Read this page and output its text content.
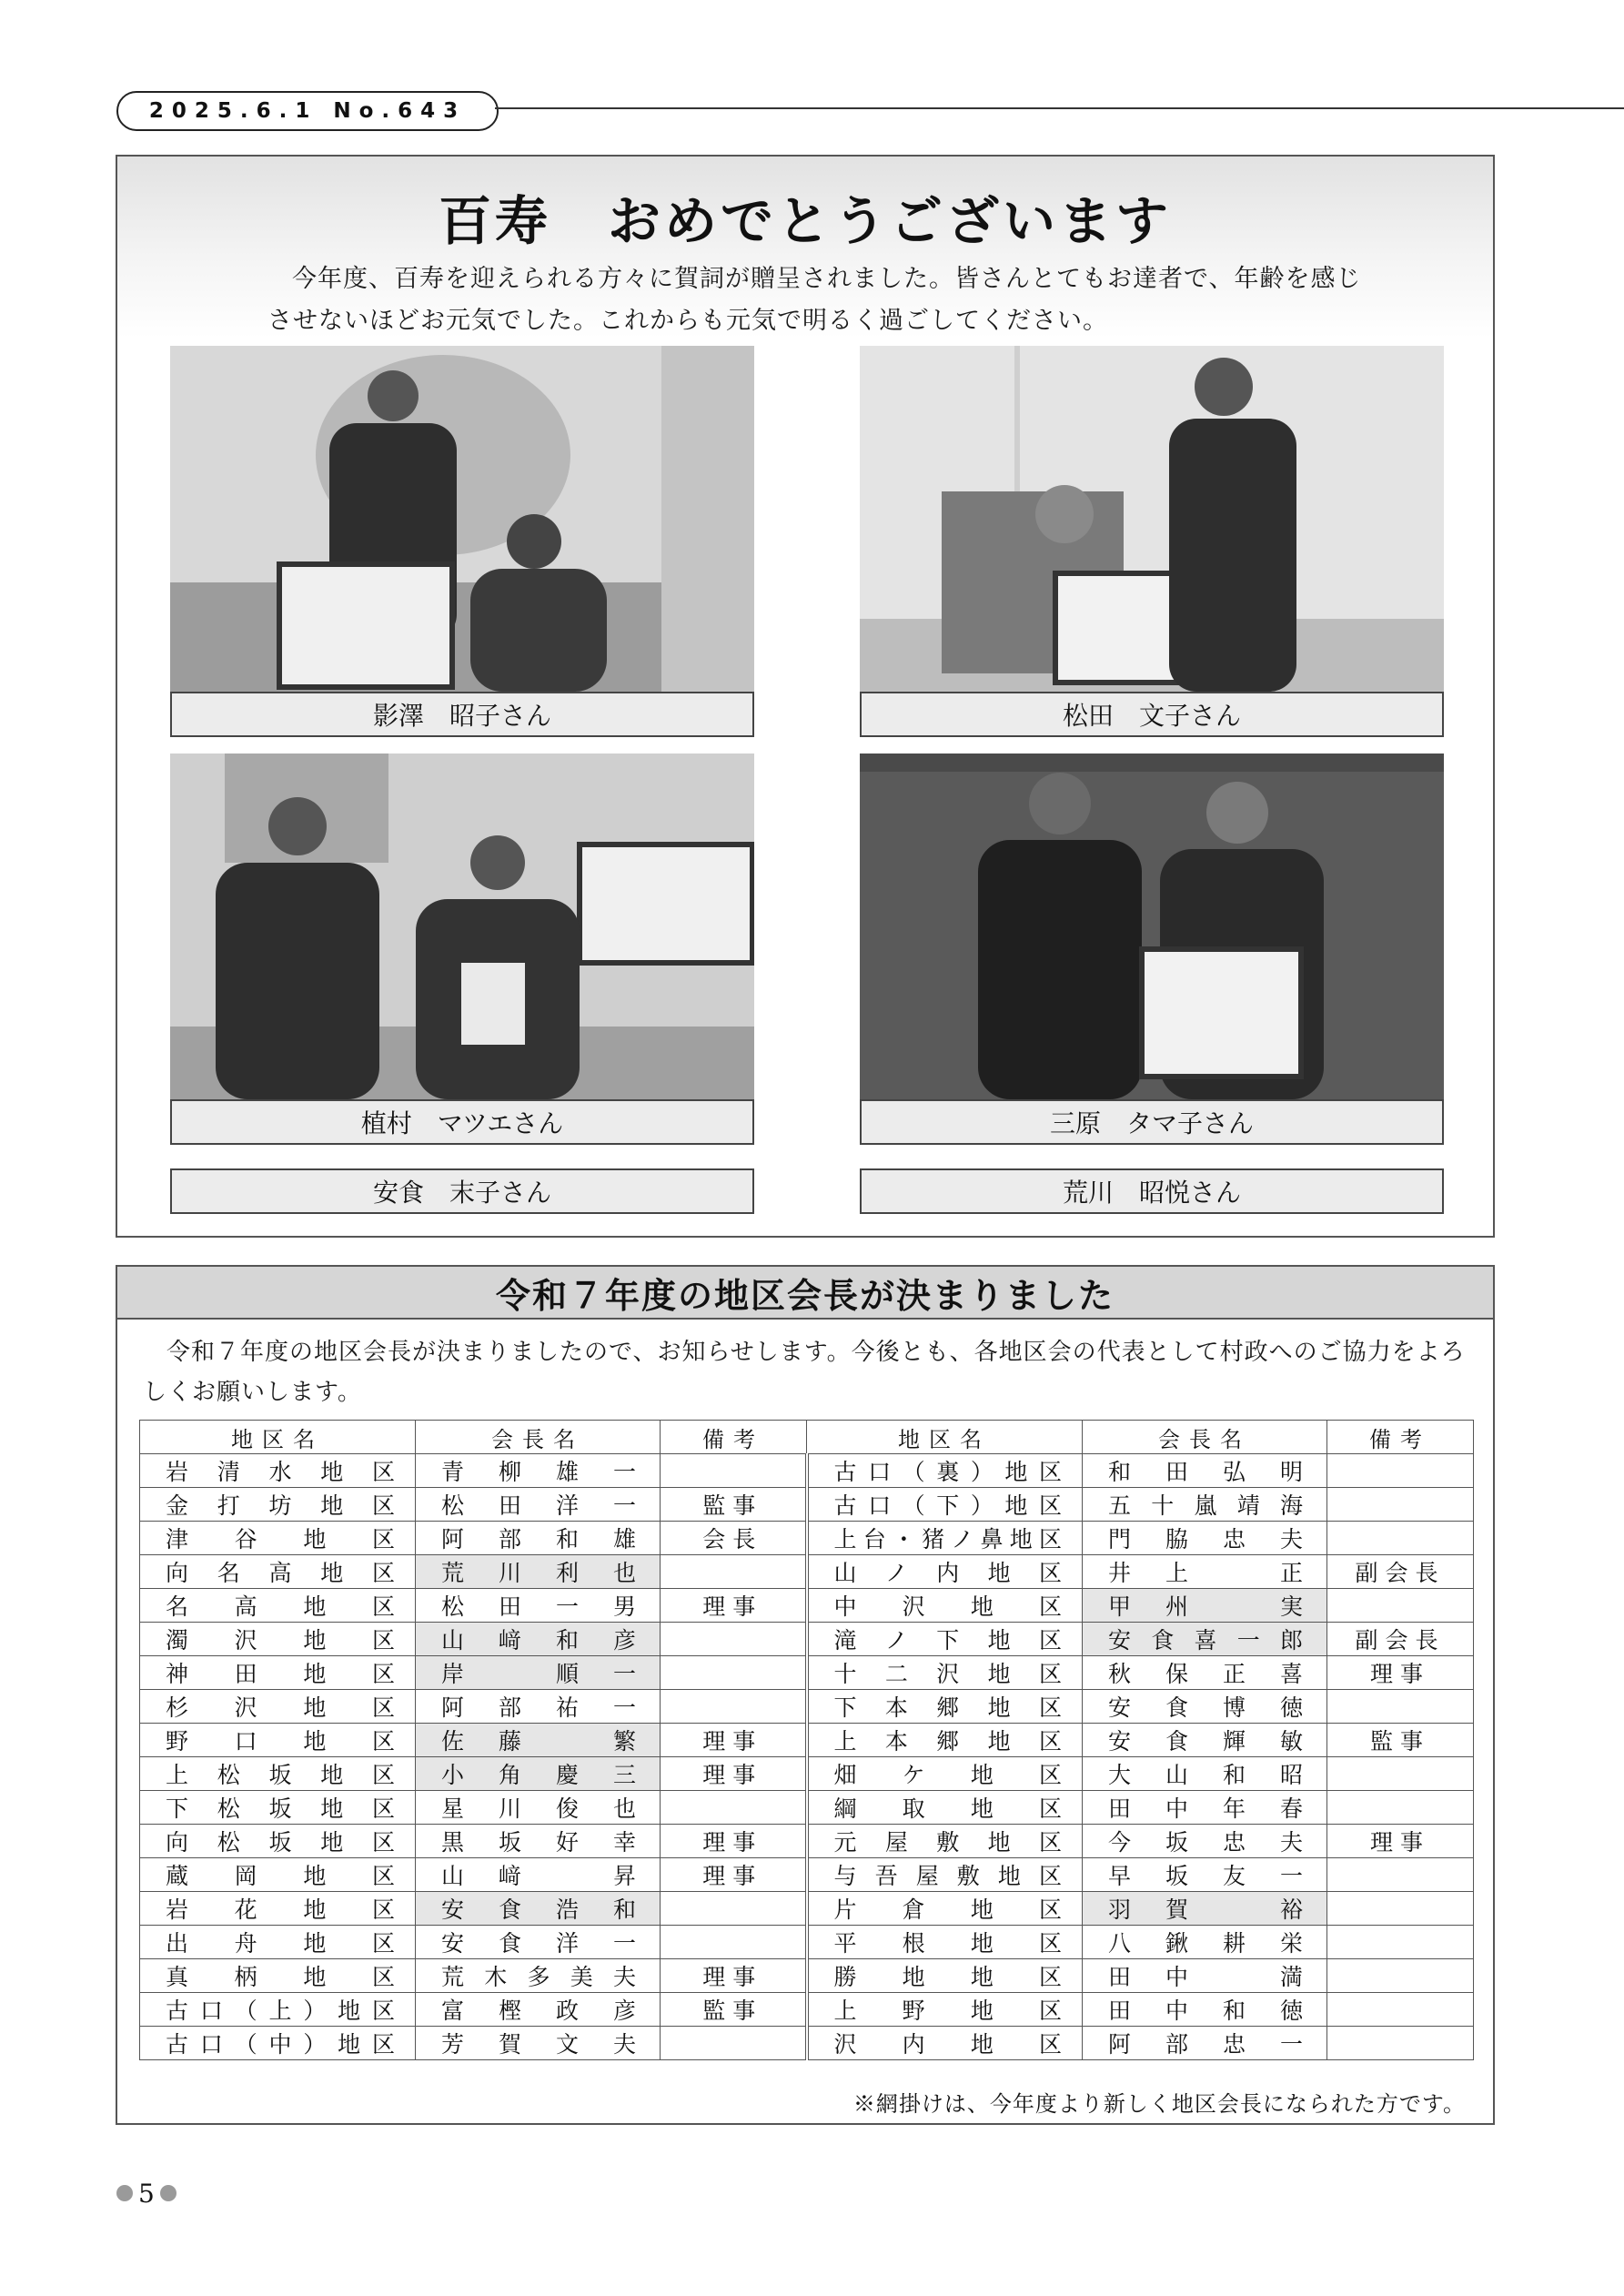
2025.6.1 No.643
百寿　おめでとうございます

今年度、百寿を迎えられる方々に賀詞が贈呈されました。皆さんとてもお達者で、年齢を感じさせないほどお元気でした。これからも元気で明るく過ごしてください。

影澤　昭子さん	松田　文子さん
植村　マツエさん	三原　タマ子さん
安食　末子さん	荒川　昭悦さん
令和７年度の地区会長が決まりました

令和７年度の地区会長が決まりましたので、お知らせします。今後とも、各地区会の代表として村政へのご協力をよろしくお願いします。

地区名	会長名	備考	地区名	会長名	備考
岩清水地区	青柳雄一		古口（裏）地区	和田弘明	
金打坊地区	松田洋一	監事	古口（下）地区	五十嵐靖海	
津谷地区	阿部和雄	会長	上台・猪ノ鼻地区	門脇忠夫	
向名高地区	荒川利也		山ノ内地区	井上　正	副会長
名高地区	松田一男	理事	中沢地区	甲州　実	
濁沢地区	山﨑和彦		滝ノ下地区	安食喜一郎	副会長
神田地区	岸　順一		十二沢地区	秋保正喜	理事
杉沢地区	阿部祐一		下本郷地区	安食博徳	
野口地区	佐藤　繁	理事	上本郷地区	安食輝敏	監事
上松坂地区	小角慶三	理事	畑ケ地区	大山和昭	
下松坂地区	星川俊也		綱取地区	田中年春	
向松坂地区	黒坂好幸	理事	元屋敷地区	今坂忠夫	理事
蔵岡地区	山﨑　昇	理事	与吾屋敷地区	早坂友一	
岩花地区	安食浩和		片倉地区	羽賀　裕	
出舟地区	安食洋一		平根地区	八鍬耕栄	
真柄地区	荒木多美夫	理事	勝地地区	田中　満	
古口（上）地区	富樫政彦	監事	上野地区	田中和徳	
古口（中）地区	芳賀文夫		沢内地区	阿部忠一	
※網掛けは、今年度より新しく地区会長になられた方です。
5
